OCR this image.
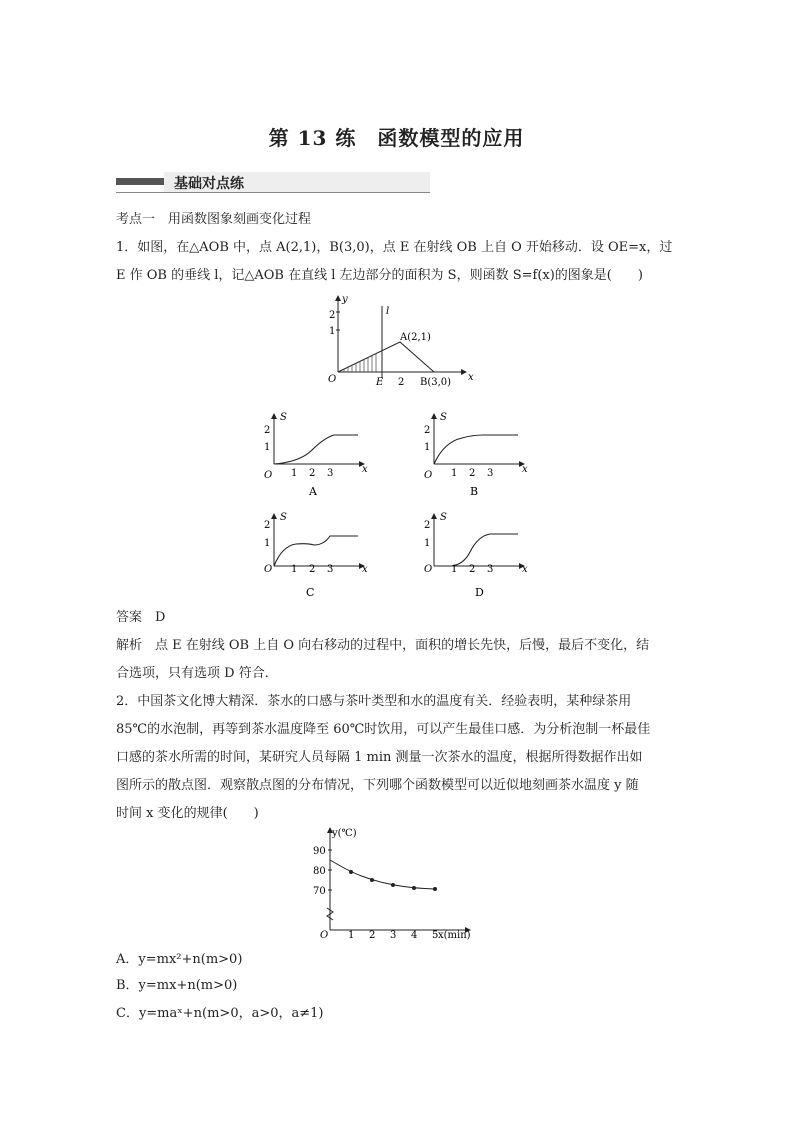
第 13 练　函数模型的应用
基础对点练
考点一　用函数图象刻画变化过程
1．如图，在△AOB 中，点 A(2,1)，B(3,0)，点 E 在射线 OB 上自 O 开始移动．设 OE=x，过
E 作 OB 的垂线 l，记△AOB 在直线 l 左边部分的面积为 S，则函数 S=f(x)的图象是(　　)
y
x
O
l
A(2,1)
B(3,0)
E
2
1
2
S
x
O
2
1
1 2 3
A
S
x
O
2
1
1 2 3
B
S
x
O
2
1
1 2 3
C
S
x
O
2
1
1 2 3
D
答案　D
解析　点 E 在射线 OB 上自 O 向右移动的过程中，面积的增长先快，后慢，最后不变化，结
合选项，只有选项 D 符合．
2．中国茶文化博大精深．茶水的口感与茶叶类型和水的温度有关．经验表明，某种绿茶用
85℃的水泡制，再等到茶水温度降至 60℃时饮用，可以产生最佳口感．为分析泡制一杯最佳
口感的茶水所需的时间，某研究人员每隔 1 min 测量一次茶水的温度，根据所得数据作出如
图所示的散点图．观察散点图的分布情况，下列哪个函数模型可以近似地刻画茶水温度 y 随
时间 x 变化的规律(　　)
y(℃)
x(min)
O 1 2 3 4 5
90
80
70
A．y=mx²+n(m>0)
B．y=mx+n(m>0)
C．y=maˣ+n(m>0，a>0，a≠1)
